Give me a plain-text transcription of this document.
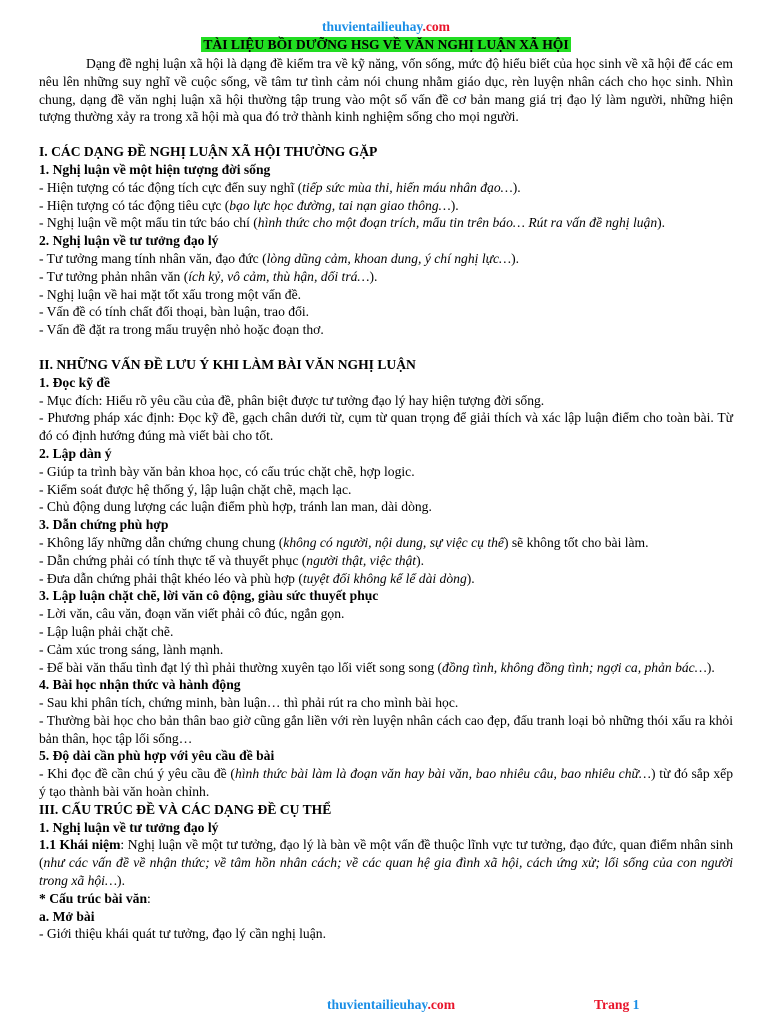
thuvientailieuhay.com
TÀI LIỆU BỒI DƯỠNG HSG VỀ VĂN NGHỊ LUẬN XÃ HỘI
Dạng đề nghị luận xã hội là dạng đề kiểm tra về kỹ năng, vốn sống, mức độ hiểu biết của học sinh về xã hội để các em nêu lên những suy nghĩ về cuộc sống, về tâm tư tình cảm nói chung nhằm giáo dục, rèn luyện nhân cách cho học sinh. Nhìn chung, dạng đề văn nghị luận xã hội thường tập trung vào một số vấn đề cơ bản mang giá trị đạo lý làm người, những hiện tượng thường xảy ra trong xã hội mà qua đó trở thành kinh nghiệm sống cho mọi người.
I. CÁC DẠNG ĐỀ NGHỊ LUẬN XÃ HỘI THƯỜNG GẶP
1. Nghị luận về một hiện tượng đời sống
- Hiện tượng có tác động tích cực đến suy nghĩ (tiếp sức mùa thi, hiến máu nhân đạo…).
- Hiện tượng có tác động tiêu cực (bạo lực học đường, tai nạn giao thông…).
- Nghị luận về một mẩu tin tức báo chí (hình thức cho một đoạn trích, mẩu tin trên báo… Rút ra vấn đề nghị luận).
2. Nghị luận về tư tưởng đạo lý
- Tư tưởng mang tính nhân văn, đạo đức (lòng dũng cảm, khoan dung, ý chí nghị lực…).
- Tư tưởng phản nhân văn (ích kỷ, vô cảm, thù hận, dối trá…).
- Nghị luận về hai mặt tốt xấu trong một vấn đề.
- Vấn đề có tính chất đối thoại, bàn luận, trao đổi.
- Vấn đề đặt ra trong mẩu truyện nhỏ hoặc đoạn thơ.
II. NHỮNG VẤN ĐỀ LƯU Ý KHI LÀM BÀI VĂN NGHỊ LUẬN
1. Đọc kỹ đề
- Mục đích: Hiểu rõ yêu cầu của đề, phân biệt được tư tưởng đạo lý hay hiện tượng đời sống.
- Phương pháp xác định: Đọc kỹ đề, gạch chân dưới từ, cụm từ quan trọng để giải thích và xác lập luận điểm cho toàn bài. Từ đó có định hướng đúng mà viết bài cho tốt.
2. Lập dàn ý
- Giúp ta trình bày văn bản khoa học, có cấu trúc chặt chẽ, hợp logic.
- Kiểm soát được hệ thống ý, lập luận chặt chẽ, mạch lạc.
- Chủ động dung lượng các luận điểm phù hợp, tránh lan man, dài dòng.
3. Dẫn chứng phù hợp
- Không lấy những dẫn chứng chung chung (không có người, nội dung, sự việc cụ thể) sẽ không tốt cho bài làm.
- Dẫn chứng phải có tính thực tế và thuyết phục (người thật, việc thật).
- Đưa dẫn chứng phải thật khéo léo và phù hợp (tuyệt đối không kể lể dài dòng).
3. Lập luận chặt chẽ, lời văn cô động, giàu sức thuyết phục
- Lời văn, câu văn, đoạn văn viết phải cô đúc, ngắn gọn.
- Lập luận phải chặt chẽ.
- Cảm xúc trong sáng, lành mạnh.
- Để bài văn thấu tình đạt lý thì phải thường xuyên tạo lối viết song song (đồng tình, không đồng tình; ngợi ca, phản bác…).
4. Bài học nhận thức và hành động
- Sau khi phân tích, chứng minh, bàn luận… thì phải rút ra cho mình bài học.
- Thường bài học cho bản thân bao giờ cũng gắn liền với rèn luyện nhân cách cao đẹp, đấu tranh loại bỏ những thói xấu ra khỏi bản thân, học tập lối sống…
5. Độ dài cần phù hợp với yêu cầu đề bài
- Khi đọc đề cần chú ý yêu cầu đề (hình thức bài làm là đoạn văn hay bài văn, bao nhiêu câu, bao nhiêu chữ…) từ đó sắp xếp ý tạo thành bài văn hoàn chỉnh.
III. CẤU TRÚC ĐỀ VÀ CÁC DẠNG ĐỀ CỤ THỂ
1. Nghị luận về tư tưởng đạo lý
1.1 Khái niệm: Nghị luận về một tư tưởng, đạo lý là bàn về một vấn đề thuộc lĩnh vực tư tưởng, đạo đức, quan điểm nhân sinh (như các vấn đề về nhận thức; về tâm hồn nhân cách; về các quan hệ gia đình xã hội, cách ứng xử; lối sống của con người trong xã hội…).
* Cấu trúc bài văn:
a. Mở bài
- Giới thiệu khái quát tư tưởng, đạo lý cần nghị luận.
thuvientailieuhay.com	Trang 1
